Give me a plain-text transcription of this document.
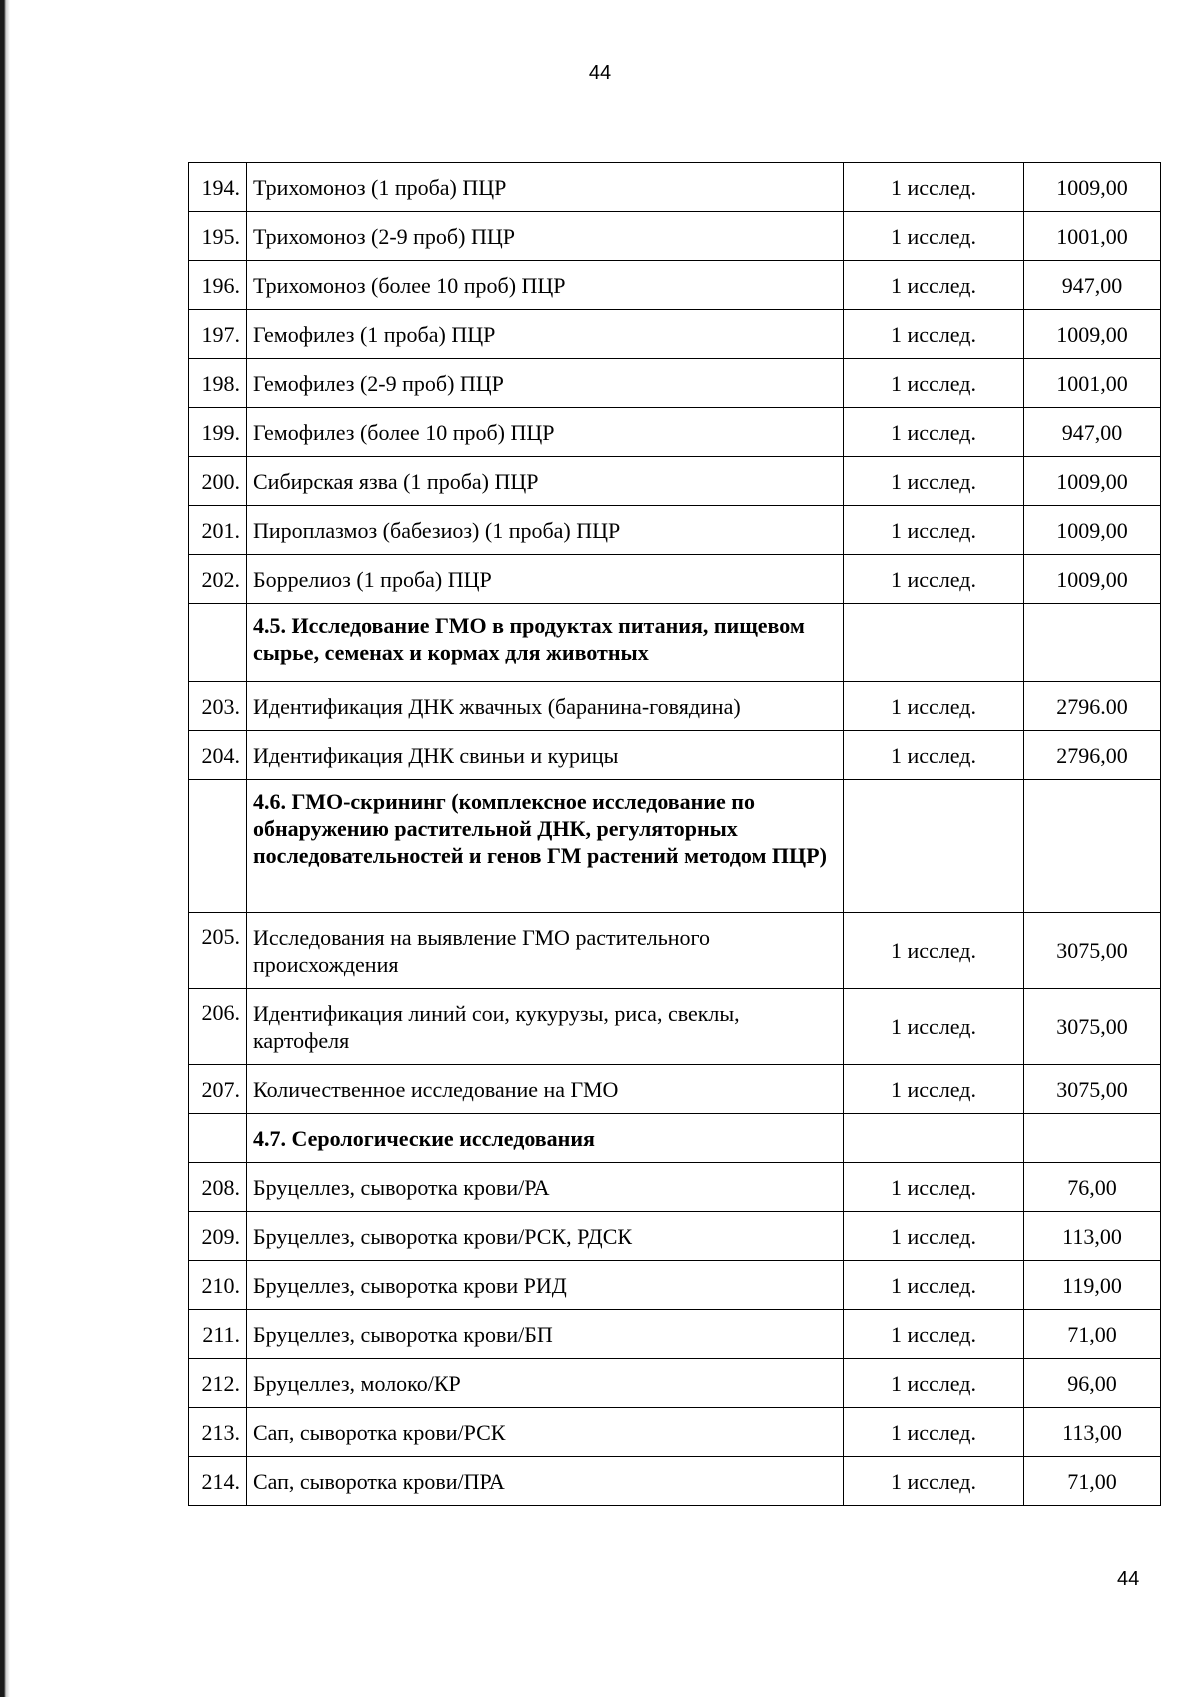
44
194.	Трихомоноз (1 проба) ПЦР	1 исслед.	1009,00
195.	Трихомоноз (2-9 проб) ПЦР	1 исслед.	1001,00
196.	Трихомоноз (более 10 проб) ПЦР	1 исслед.	947,00
197.	Гемофилез (1 проба) ПЦР	1 исслед.	1009,00
198.	Гемофилез (2-9 проб) ПЦР	1 исслед.	1001,00
199.	Гемофилез (более 10 проб) ПЦР	1 исслед.	947,00
200.	Сибирская язва (1 проба) ПЦР	1 исслед.	1009,00
201.	Пироплазмоз (бабезиоз) (1 проба) ПЦР	1 исслед.	1009,00
202.	Боррелиоз (1 проба) ПЦР	1 исслед.	1009,00
	4.5. Исследование ГМО в продуктах питания, пищевом сырье, семенах и кормах для животных		
203.	Идентификация ДНК жвачных (баранина-говядина)	1 исслед.	2796.00
204.	Идентификация ДНК свиньи и курицы	1 исслед.	2796,00
	4.6. ГМО-скрининг (комплексное исследование по обнаружению растительной ДНК, регуляторных последовательностей и генов ГМ растений методом ПЦР)		
205.	Исследования на выявление ГМО растительного происхождения	1 исслед.	3075,00
206.	Идентификация линий сои, кукурузы, риса, свеклы, картофеля	1 исслед.	3075,00
207.	Количественное исследование на ГМО	1 исслед.	3075,00
	4.7. Серологические исследования		
208.	Бруцеллез, сыворотка крови/РА	1 исслед.	76,00
209.	Бруцеллез, сыворотка крови/РСК, РДСК	1 исслед.	113,00
210.	Бруцеллез, сыворотка крови РИД	1 исслед.	119,00
211.	Бруцеллез, сыворотка крови/БП	1 исслед.	71,00
212.	Бруцеллез, молоко/КР	1 исслед.	96,00
213.	Сап, сыворотка крови/РСК	1 исслед.	113,00
214.	Сап, сыворотка крови/ПРА	1 исслед.	71,00
44
